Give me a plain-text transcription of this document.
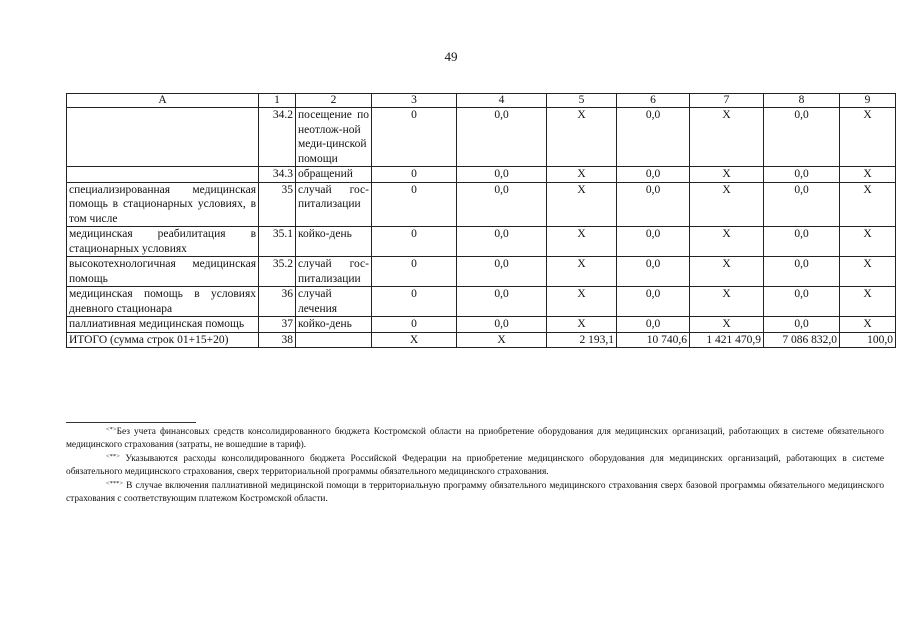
49
А	1	2	3	4	5	6	7	8	9
	34.2	посещение по неотлож-ной меди-цинской помощи	0	0,0	Х	0,0	Х	0,0	Х
	34.3	обращений	0	0,0	Х	0,0	Х	0,0	Х
специализированная медицинская помощь в стационарных условиях, в том числе	35	случай гос-питализации	0	0,0	Х	0,0	Х	0,0	Х
медицинская реабилитация в стационарных условиях	35.1	койко-день	0	0,0	Х	0,0	Х	0,0	Х
высокотехнологичная медицинская помощь	35.2	случай гос-питализации	0	0,0	Х	0,0	Х	0,0	Х
медицинская помощь в условиях дневного стационара	36	случай лечения	0	0,0	Х	0,0	Х	0,0	Х
паллиативная медицинская помощь	37	койко-день	0	0,0	Х	0,0	Х	0,0	Х
ИТОГО (сумма строк 01+15+20)	38		Х	Х	2 193,1	10 740,6	1 421 470,9	7 086 832,0	100,0

<*>Без учета финансовых средств консолидированного бюджета Костромской области на приобретение оборудования для медицинских организаций, работающих в системе обязательного медицинского страхования (затраты, не вошедшие в тариф).

<**> Указываются расходы консолидированного бюджета Российской Федерации на приобретение медицинского оборудования для медицинских организаций, работающих в системе обязательного медицинского страхования, сверх территориальной программы обязательного медицинского страхования.

<***> В случае включения паллиативной медицинской помощи в территориальную программу обязательного медицинского страхования сверх базовой программы обязательного медицинского страхования с соответствующим платежом Костромской области.
